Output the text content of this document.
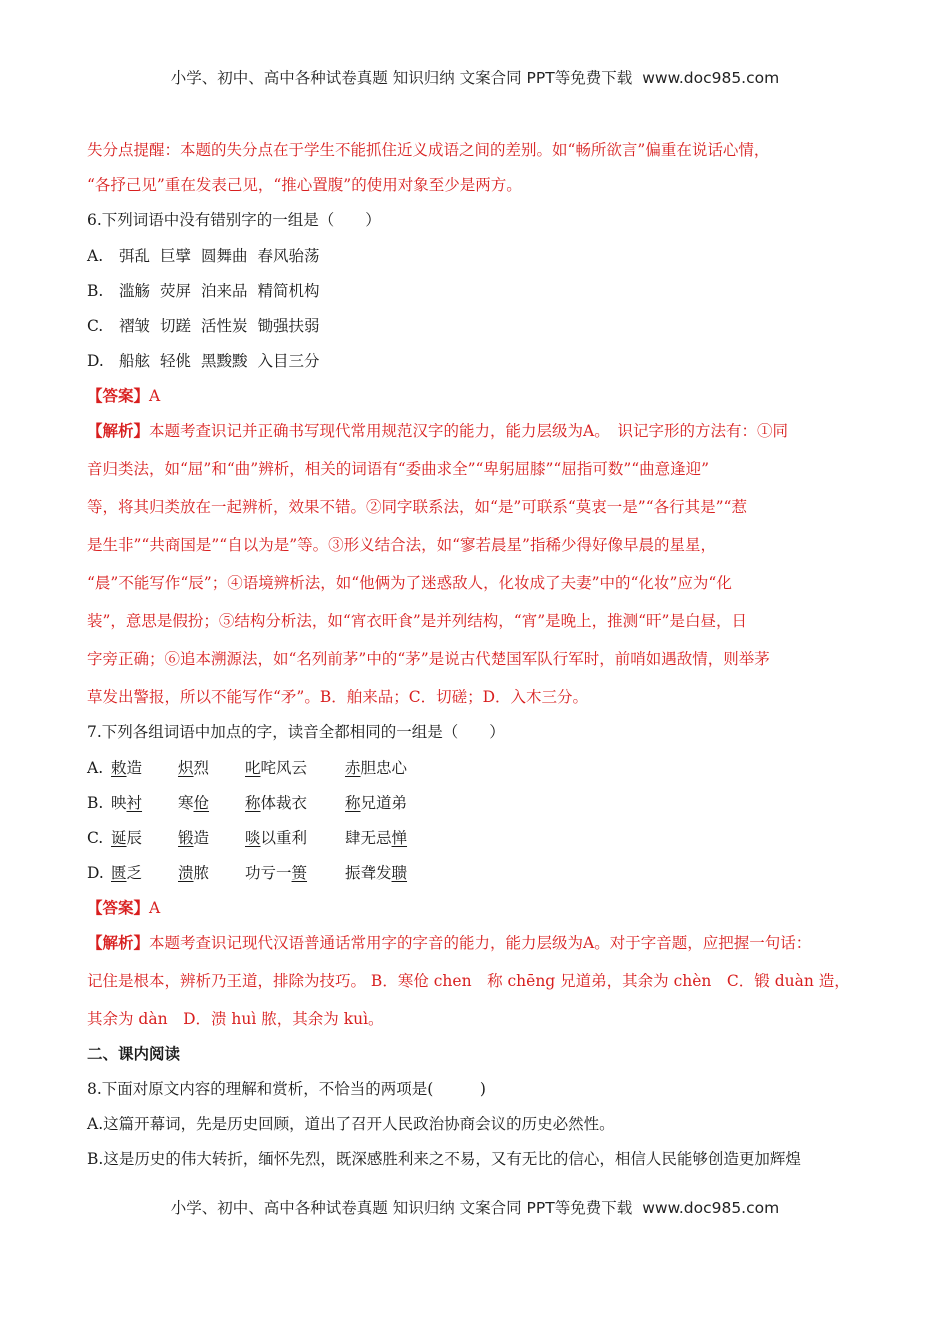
小学、初中、高中各种试卷真题 知识归纳 文案合同 PPT等免费下载 www.doc985.com
失分点提醒：本题的失分点在于学生不能抓住近义成语之间的差别。如“畅所欲言”偏重在说话心情，
“各抒己见”重在发表己见，“推心置腹”的使用对象至少是两方。
6.下列词语中没有错别字的一组是（　　）
A. 弭乱 巨擘 圆舞曲 春风骀荡
B. 滥觞 荧屏 泊来品 精简机构
C. 褶皱 切蹉 活性炭 锄强扶弱
D. 船舷 轻佻 黑黢黢 入目三分
【答案】A
【解析】本题考查识记并正确书写现代常用规范汉字的能力，能力层级为A。　识记字形的方法有：①同
音归类法，如“屈”和“曲”辨析，相关的词语有“委曲求全”“卑躬屈膝”“屈指可数”“曲意逢迎”
等，将其归类放在一起辨析，效果不错。②同字联系法，如“是”可联系“莫衷一是”“各行其是”“惹
是生非”“共商国是”“自以为是”等。③形义结合法，如“寥若晨星”指稀少得好像早晨的星星，
“晨”不能写作“辰”；④语境辨析法，如“他俩为了迷惑敌人，化妆成了夫妻”中的“化妆”应为“化
装”，意思是假扮；⑤结构分析法，如“宵衣旰食”是并列结构，“宵”是晚上，推测“旰”是白昼，日
字旁正确；⑥追本溯源法，如“名列前茅”中的“茅”是说古代楚国军队行军时，前哨如遇敌情，则举茅
草发出警报，所以不能写作“矛”。B．舶来品；C．切磋；D．入木三分。
7.下列各组词语中加点的字，读音全都相同的一组是（　　）
A. 敕造 炽烈 叱咤风云 赤胆忠心
B. 映衬 寒伧 称体裁衣 称兄道弟
C. 诞辰 锻造 啖以重利 肆无忌惮
D. 匮乏 溃脓 功亏一篑 振聋发聩
【答案】A
【解析】本题考查识记现代汉语普通话常用字的字音的能力，能力层级为A。对于字音题，应把握一句话：
记住是根本，辨析乃王道，排除为技巧。 B．寒伧 chen　称 chēng 兄道弟，其余为 chèn　C．锻 duàn 造，
其余为 dàn　D．溃 huì 脓，其余为 kuì。
二、课内阅读
8.下面对原文内容的理解和赏析，不恰当的两项是(　　　)
A.这篇开幕词，先是历史回顾，道出了召开人民政治协商会议的历史必然性。
B.这是历史的伟大转折，缅怀先烈，既深感胜利来之不易，又有无比的信心，相信人民能够创造更加辉煌
小学、初中、高中各种试卷真题 知识归纳 文案合同 PPT等免费下载 www.doc985.com
